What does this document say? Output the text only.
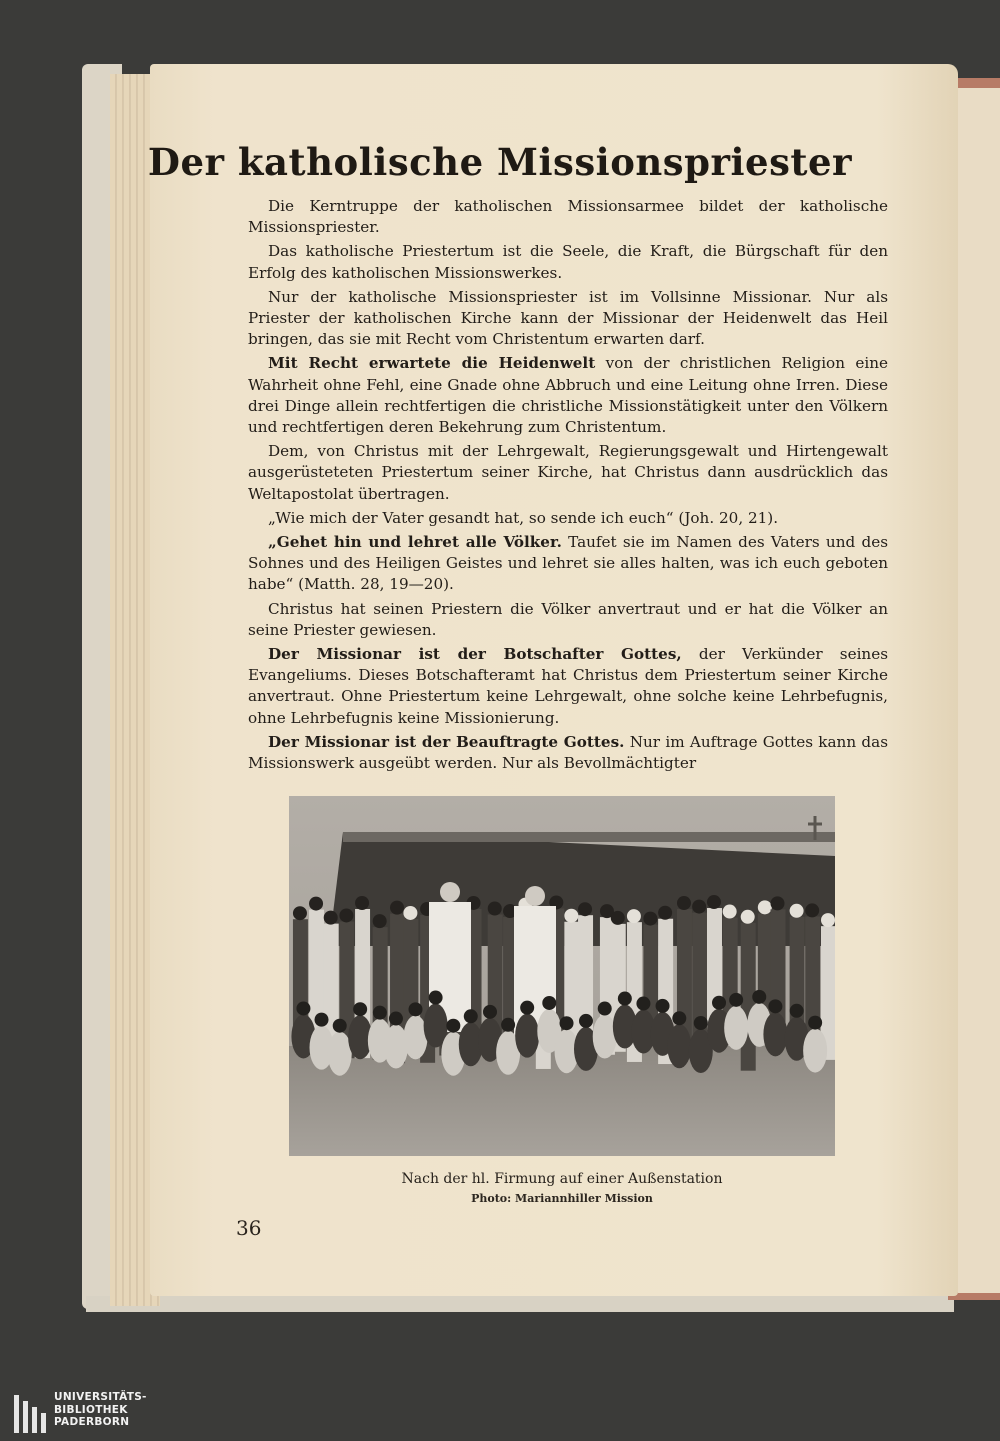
Der katholische Missionspriester

Die Kerntruppe der katholischen Missionsarmee bildet der katholische Missionspriester.

Das katholische Priestertum ist die Seele, die Kraft, die Bürgschaft für den Erfolg des katholischen Missionswerkes.

Nur der katholische Missionspriester ist im Vollsinne Missionar. Nur als Priester der katholischen Kirche kann der Missionar der Heidenwelt das Heil bringen, das sie mit Recht vom Christentum erwarten darf.

Mit Recht erwartete die Heidenwelt von der christlichen Religion eine Wahrheit ohne Fehl, eine Gnade ohne Abbruch und eine Leitung ohne Irren. Diese drei Dinge allein rechtfertigen die christliche Missionstätigkeit unter den Völkern und rechtfertigen deren Bekehrung zum Christentum.

Dem, von Christus mit der Lehrgewalt, Regierungsgewalt und Hirtengewalt ausgerüsteteten Priestertum seiner Kirche, hat Christus dann ausdrücklich das Weltapostolat übertragen.

„Wie mich der Vater gesandt hat, so sende ich euch“ (Joh. 20, 21).

„Gehet hin und lehret alle Völker. Taufet sie im Namen des Vaters und des Sohnes und des Heiligen Geistes und lehret sie alles halten, was ich euch geboten habe“ (Matth. 28, 19—20).

Christus hat seinen Priestern die Völker anvertraut und er hat die Völker an seine Priester gewiesen.

Der Missionar ist der Botschafter Gottes, der Verkünder seines Evangeliums. Dieses Botschafteramt hat Christus dem Priestertum seiner Kirche anvertraut. Ohne Priestertum keine Lehrgewalt, ohne solche keine Lehrbefugnis, ohne Lehrbefugnis keine Missionierung.

Der Missionar ist der Beauftragte Gottes. Nur im Auftrage Gottes kann das Missionswerk ausgeübt werden. Nur als Bevollmächtigter

Nach der hl. Firmung auf einer Außenstation
Photo: Mariannhiller Mission
36
UNIVERSITÄTS-
BIBLIOTHEK
PADERBORN
